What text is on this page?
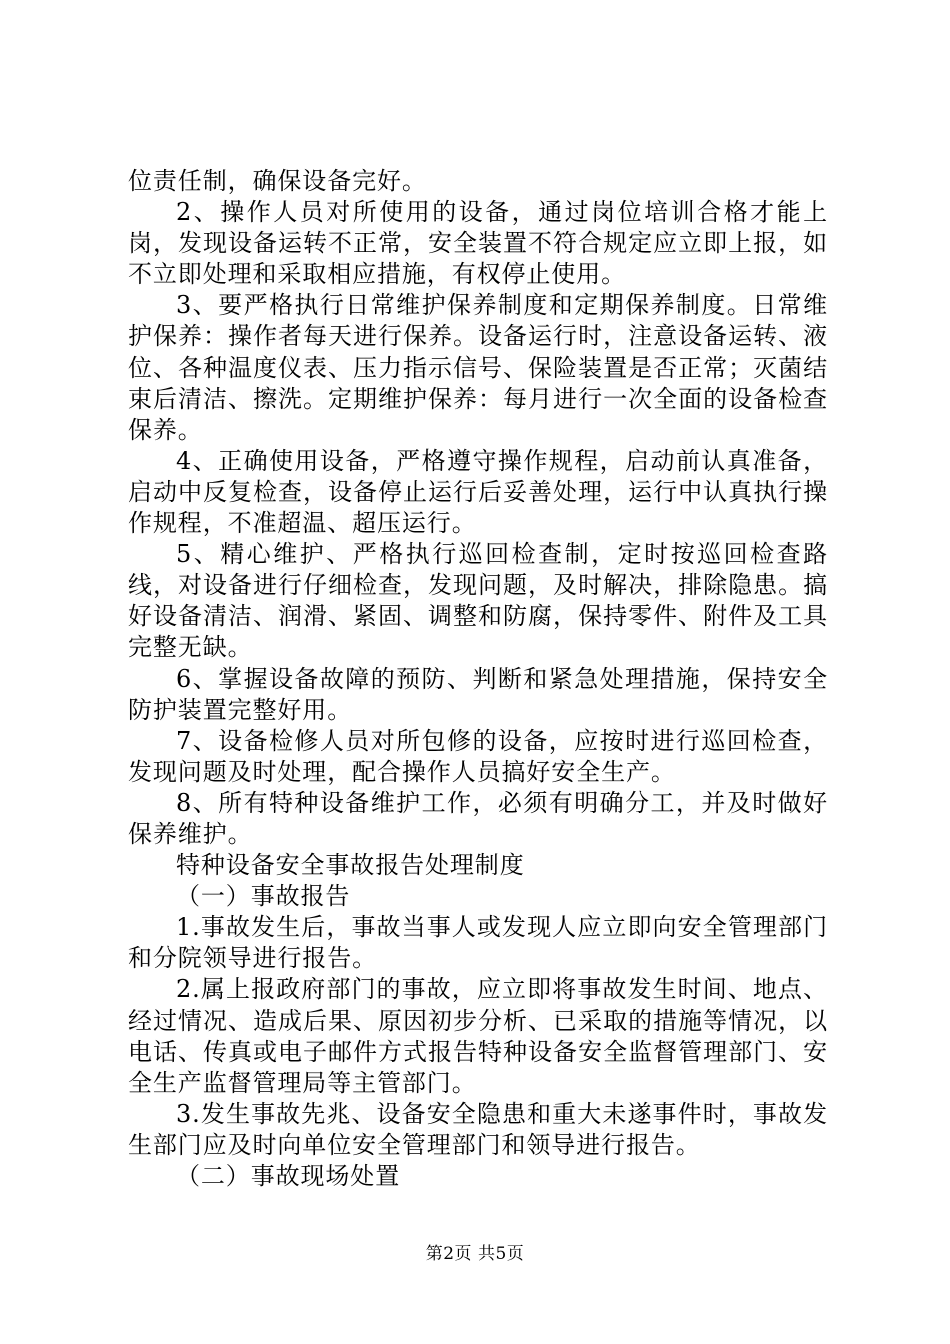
位责任制，确保设备完好。

2、操作人员对所使用的设备，通过岗位培训合格才能上岗，发现设备运转不正常，安全装置不符合规定应立即上报，如不立即处理和采取相应措施，有权停止使用。

3、要严格执行日常维护保养制度和定期保养制度。日常维护保养：操作者每天进行保养。设备运行时，注意设备运转、液位、各种温度仪表、压力指示信号、保险装置是否正常；灭菌结束后清洁、擦洗。定期维护保养：每月进行一次全面的设备检查保养。

4、正确使用设备，严格遵守操作规程，启动前认真准备，启动中反复检查，设备停止运行后妥善处理，运行中认真执行操作规程，不准超温、超压运行。

5、精心维护、严格执行巡回检查制，定时按巡回检查路线，对设备进行仔细检查，发现问题，及时解决，排除隐患。搞好设备清洁、润滑、紧固、调整和防腐，保持零件、附件及工具完整无缺。

6、掌握设备故障的预防、判断和紧急处理措施，保持安全防护装置完整好用。

7、设备检修人员对所包修的设备，应按时进行巡回检查，发现问题及时处理，配合操作人员搞好安全生产。

8、所有特种设备维护工作，必须有明确分工，并及时做好保养维护。

特种设备安全事故报告处理制度

（一）事故报告

1.事故发生后，事故当事人或发现人应立即向安全管理部门和分院领导进行报告。

2.属上报政府部门的事故，应立即将事故发生时间、地点、经过情况、造成后果、原因初步分析、已采取的措施等情况，以电话、传真或电子邮件方式报告特种设备安全监督管理部门、安全生产监督管理局等主管部门。

3.发生事故先兆、设备安全隐患和重大未遂事件时，事故发生部门应及时向单位安全管理部门和领导进行报告。

（二）事故现场处置

第2页 共5页
